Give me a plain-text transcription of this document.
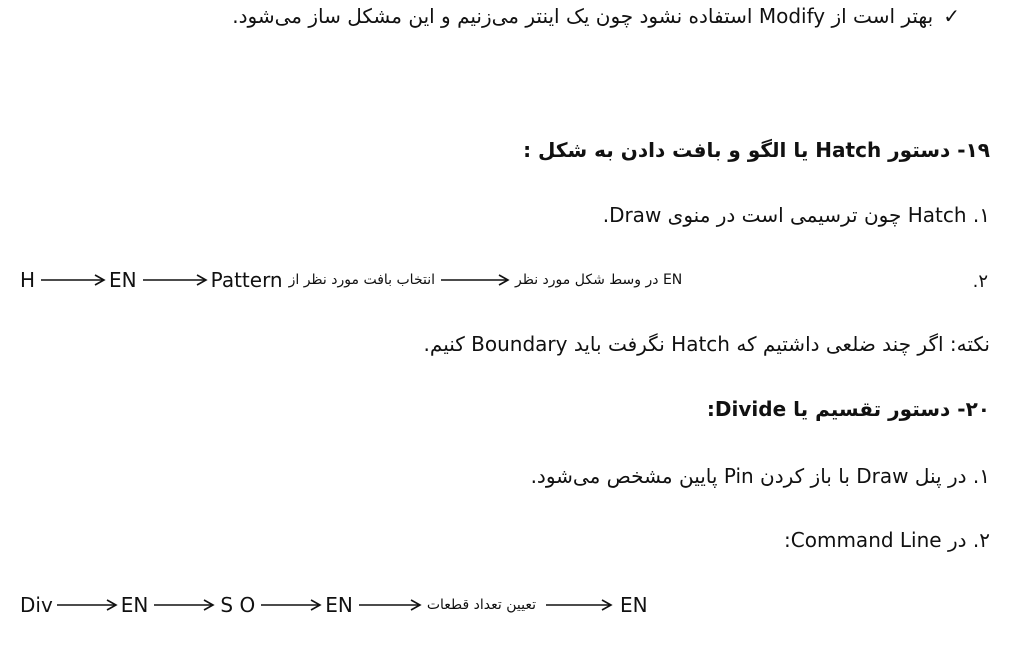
✓بهتر است از Modify استفاده نشود چون یک اینتر می‌زنیم و این مشکل ساز می‌شود.
۱۹- دستور Hatch یا الگو و بافت دادن به شکل :
۱. Hatch چون ترسیمی است در منوی Draw.
۲.
H	EN	Pattern انتخاب بافت مورد نظر از	EN در وسط شکل مورد نظر
نکته: اگر چند ضلعی داشتیم که Hatch نگرفت باید Boundary کنیم.
۲۰- دستور تقسیم یا Divide:
۱. در پنل Draw با باز کردن Pin پایین مشخص می‌شود.
۲. در Command Line:
Div	EN	S O	EN	تعیین تعداد قطعات	EN
